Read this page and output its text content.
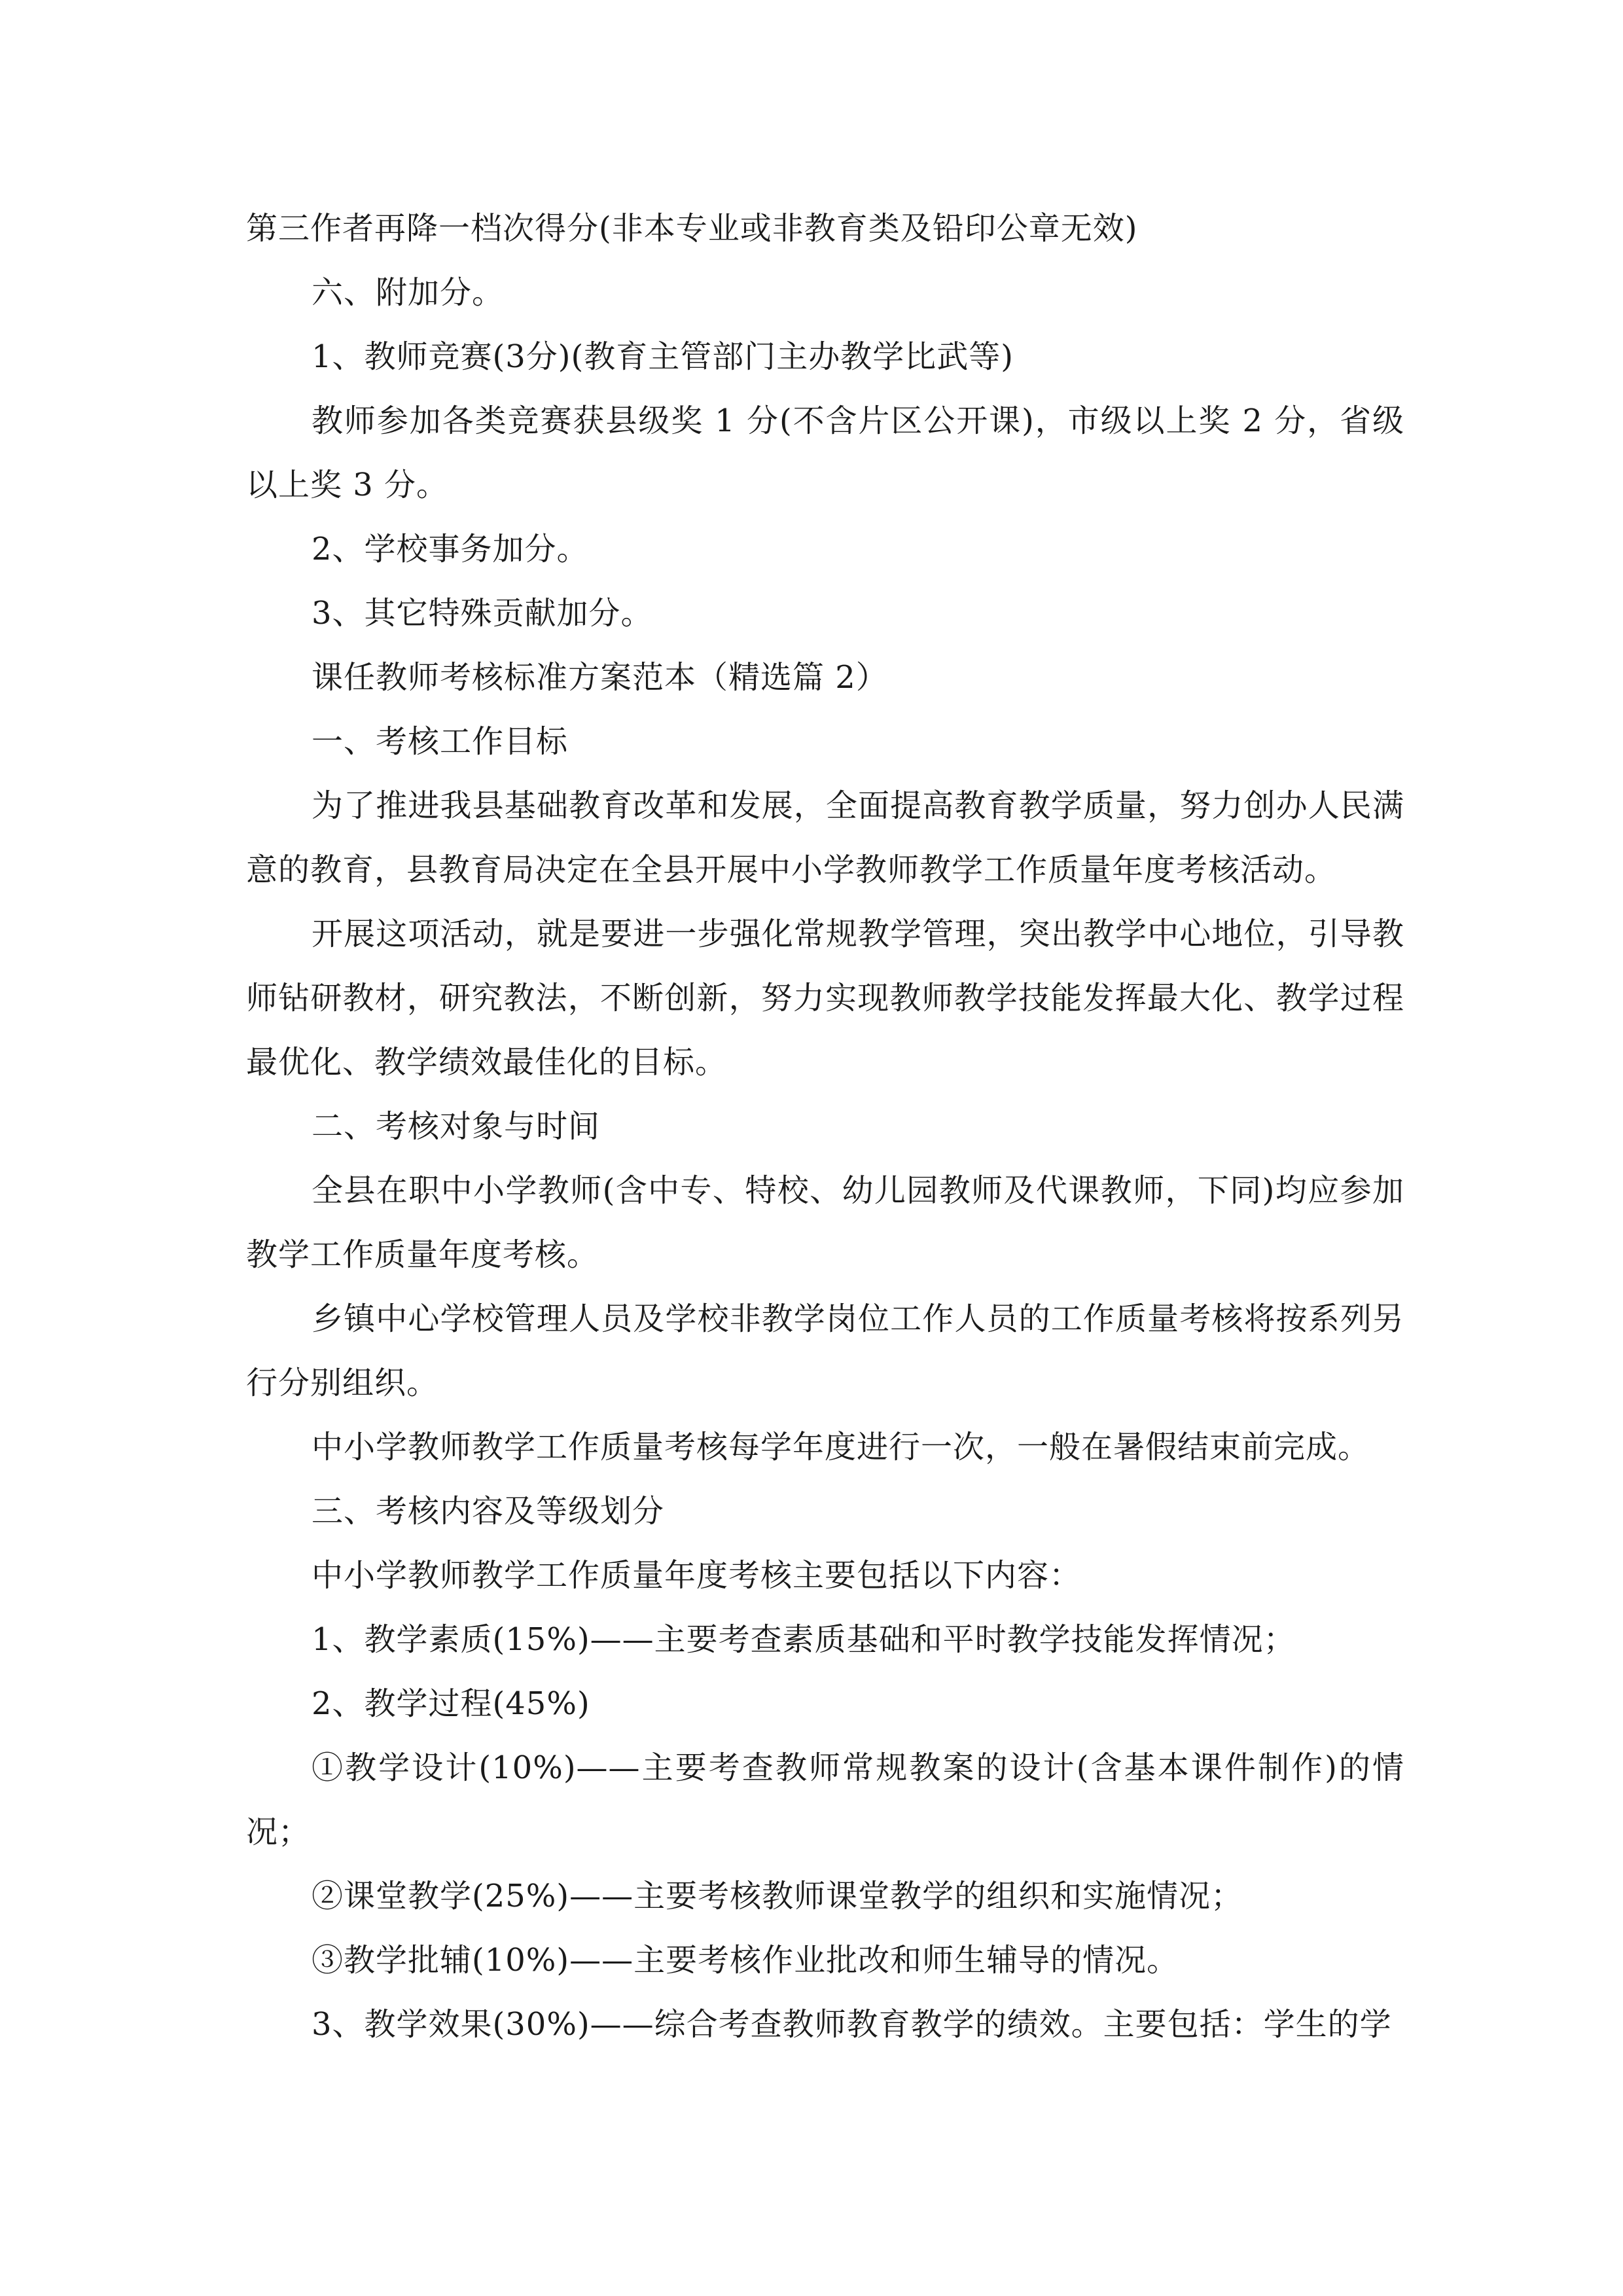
第三作者再降一档次得分(非本专业或非教育类及铅印公章无效)

六、附加分。

1、教师竞赛(3分)(教育主管部门主办教学比武等)

教师参加各类竞赛获县级奖 1 分(不含片区公开课)，市级以上奖 2 分，省级以上奖 3 分。

2、学校事务加分。

3、其它特殊贡献加分。

课任教师考核标准方案范本（精选篇 2）

一、考核工作目标

为了推进我县基础教育改革和发展，全面提高教育教学质量，努力创办人民满意的教育，县教育局决定在全县开展中小学教师教学工作质量年度考核活动。

开展这项活动，就是要进一步强化常规教学管理，突出教学中心地位，引导教师钻研教材，研究教法，不断创新，努力实现教师教学技能发挥最大化、教学过程最优化、教学绩效最佳化的目标。

二、考核对象与时间

全县在职中小学教师(含中专、特校、幼儿园教师及代课教师，下同)均应参加教学工作质量年度考核。

乡镇中心学校管理人员及学校非教学岗位工作人员的工作质量考核将按系列另行分别组织。

中小学教师教学工作质量考核每学年度进行一次，一般在暑假结束前完成。

三、考核内容及等级划分

中小学教师教学工作质量年度考核主要包括以下内容：

1、教学素质(15%)——主要考查素质基础和平时教学技能发挥情况；

2、教学过程(45%)

①教学设计(10%)——主要考查教师常规教案的设计(含基本课件制作)的情况；

②课堂教学(25%)——主要考核教师课堂教学的组织和实施情况；

③教学批辅(10%)——主要考核作业批改和师生辅导的情况。

3、教学效果(30%)——综合考查教师教育教学的绩效。主要包括：学生的学
